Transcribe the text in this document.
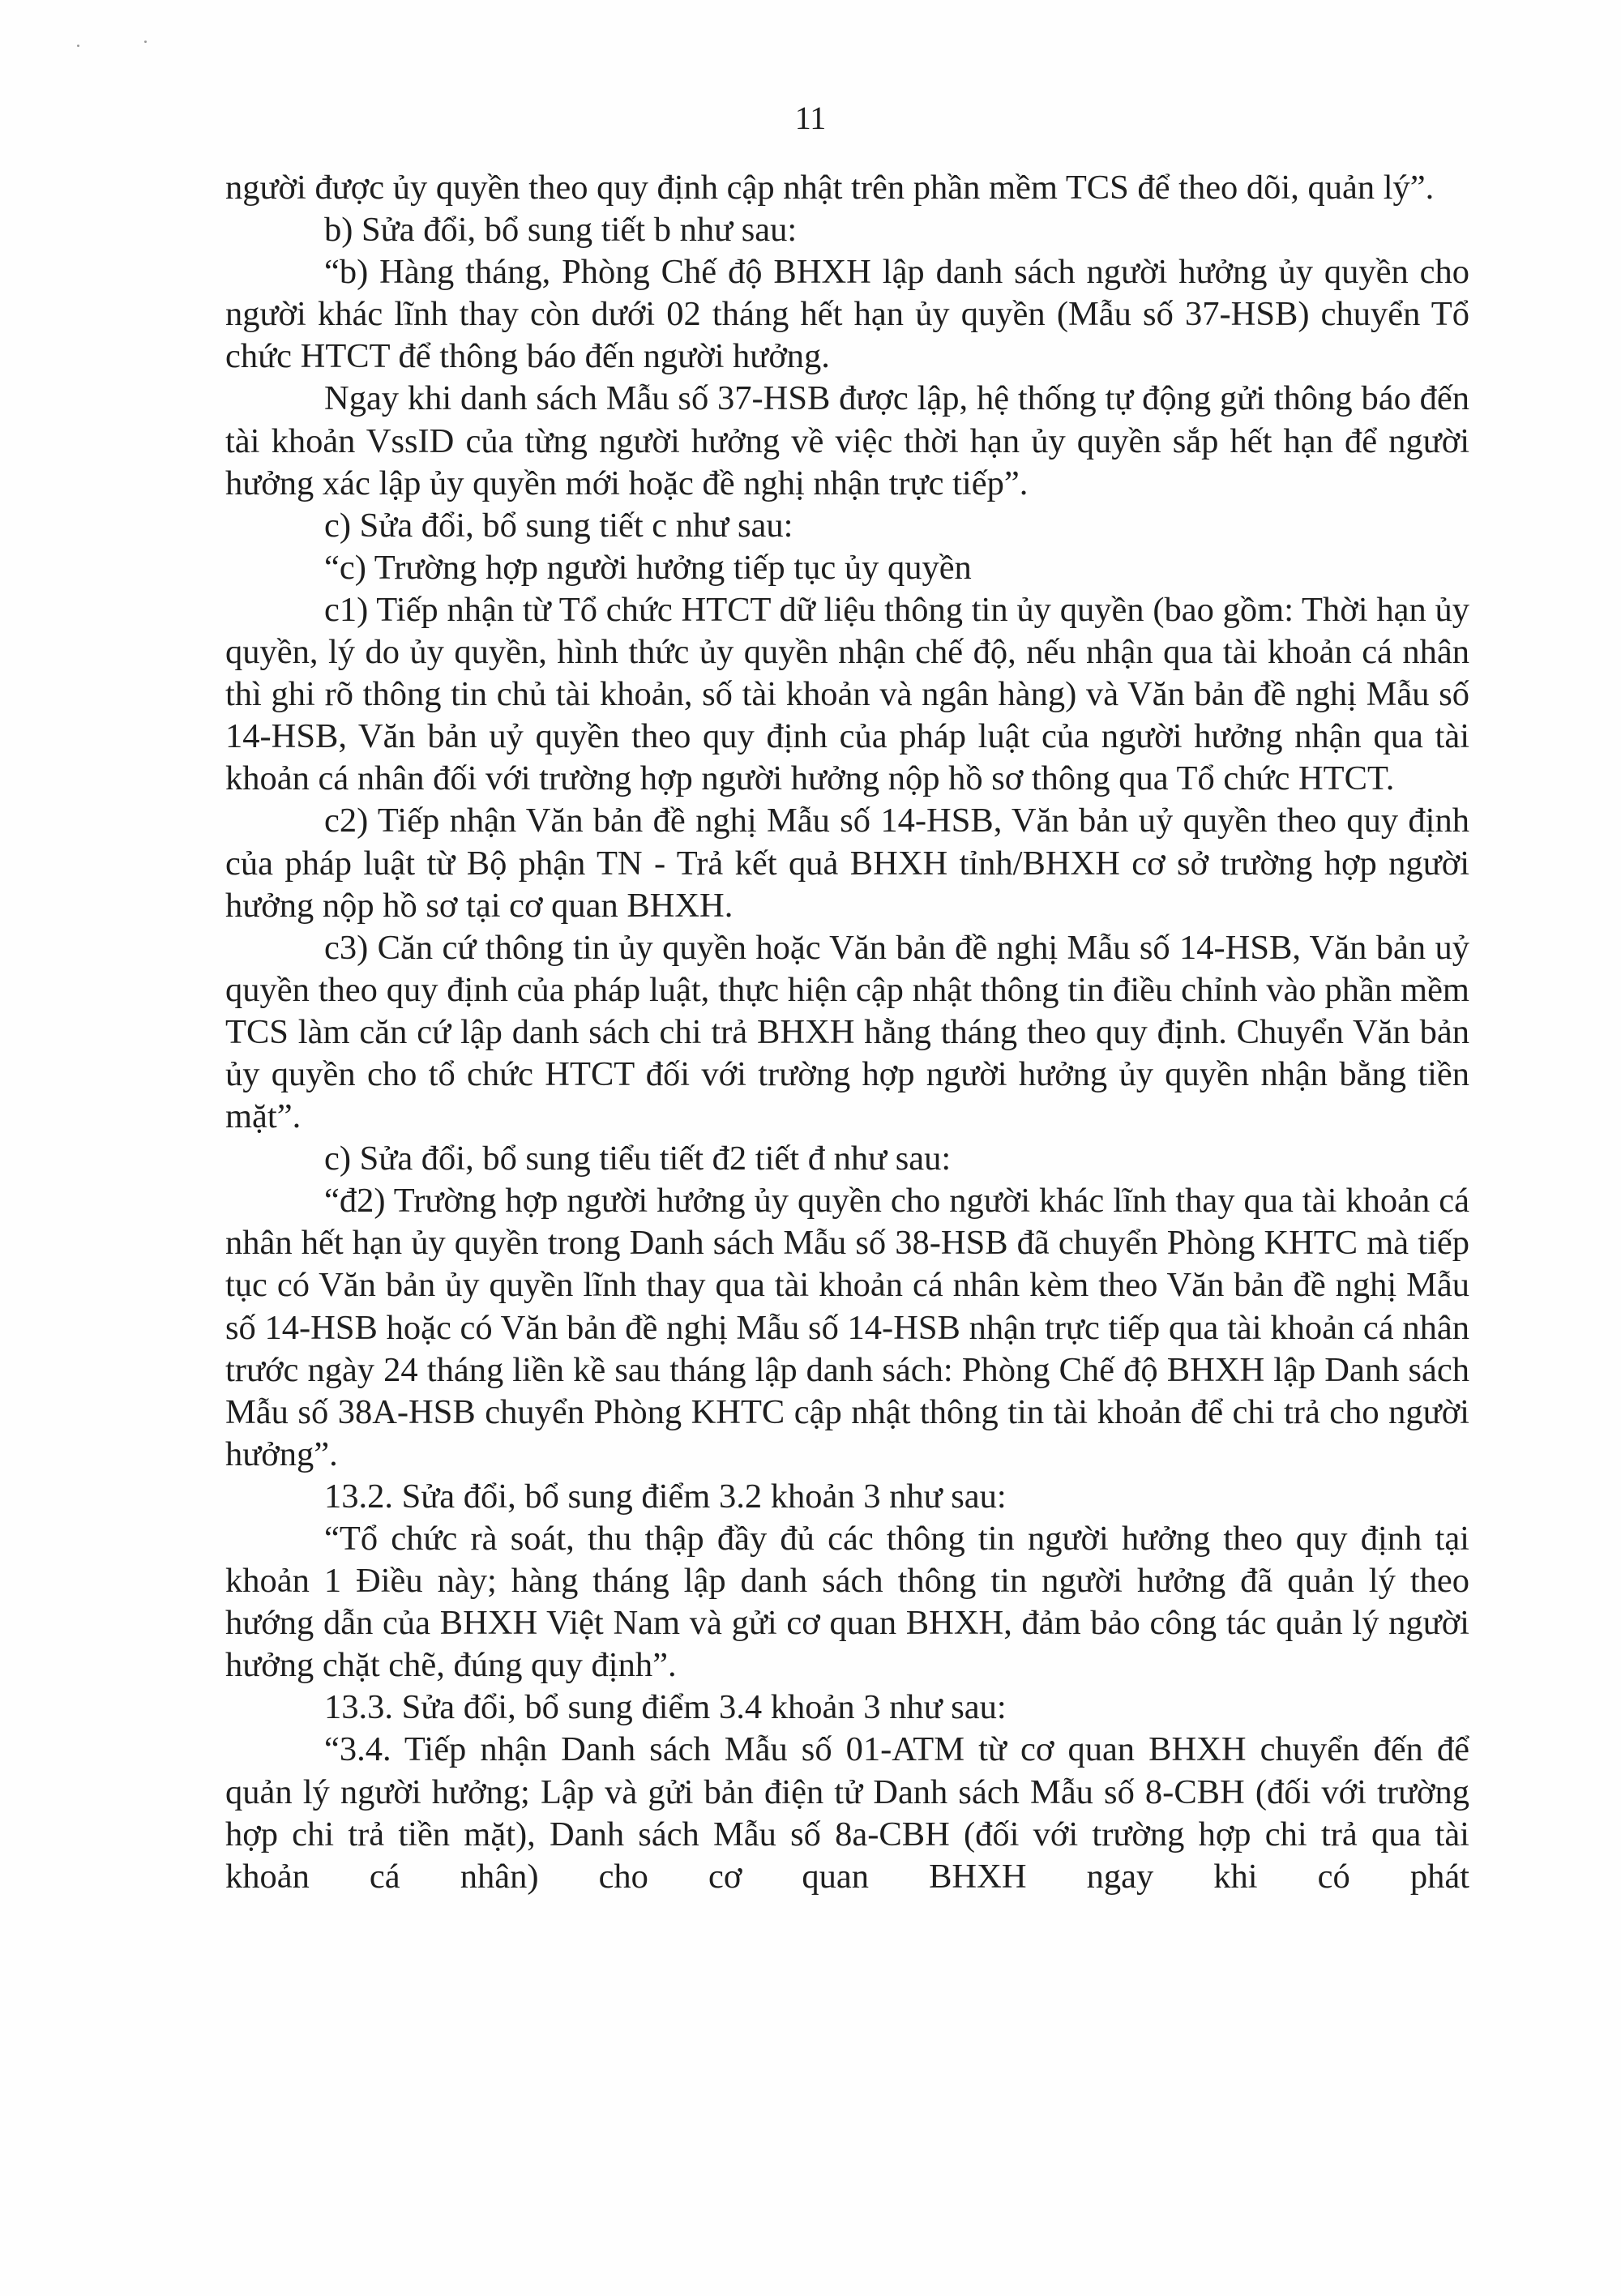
11

người được ủy quyền theo quy định cập nhật trên phần mềm TCS để theo dõi, quản lý”.

b) Sửa đổi, bổ sung tiết b như sau:

“b) Hàng tháng, Phòng Chế độ BHXH lập danh sách người hưởng ủy quyền cho người khác lĩnh thay còn dưới 02 tháng hết hạn ủy quyền (Mẫu số 37-HSB) chuyển Tổ chức HTCT để thông báo đến người hưởng.

Ngay khi danh sách Mẫu số 37-HSB được lập, hệ thống tự động gửi thông báo đến tài khoản VssID của từng người hưởng về việc thời hạn ủy quyền sắp hết hạn để người hưởng xác lập ủy quyền mới hoặc đề nghị nhận trực tiếp”.

c) Sửa đổi, bổ sung tiết c như sau:

“c) Trường hợp người hưởng tiếp tục ủy quyền

c1) Tiếp nhận từ Tổ chức HTCT dữ liệu thông tin ủy quyền (bao gồm: Thời hạn ủy quyền, lý do ủy quyền, hình thức ủy quyền nhận chế độ, nếu nhận qua tài khoản cá nhân thì ghi rõ thông tin chủ tài khoản, số tài khoản và ngân hàng) và Văn bản đề nghị Mẫu số 14-HSB, Văn bản uỷ quyền theo quy định của pháp luật của người hưởng nhận qua tài khoản cá nhân đối với trường hợp người hưởng nộp hồ sơ thông qua Tổ chức HTCT.

c2) Tiếp nhận Văn bản đề nghị Mẫu số 14-HSB, Văn bản uỷ quyền theo quy định của pháp luật từ Bộ phận TN - Trả kết quả BHXH tỉnh/BHXH cơ sở trường hợp người hưởng nộp hồ sơ tại cơ quan BHXH.

c3) Căn cứ thông tin ủy quyền hoặc Văn bản đề nghị Mẫu số 14-HSB, Văn bản uỷ quyền theo quy định của pháp luật, thực hiện cập nhật thông tin điều chỉnh vào phần mềm TCS làm căn cứ lập danh sách chi trả BHXH hằng tháng theo quy định. Chuyển Văn bản ủy quyền cho tổ chức HTCT đối với trường hợp người hưởng ủy quyền nhận bằng tiền mặt”.

c) Sửa đổi, bổ sung tiểu tiết đ2 tiết đ như sau:

“đ2) Trường hợp người hưởng ủy quyền cho người khác lĩnh thay qua tài khoản cá nhân hết hạn ủy quyền trong Danh sách Mẫu số 38-HSB đã chuyển Phòng KHTC mà tiếp tục có Văn bản ủy quyền lĩnh thay qua tài khoản cá nhân kèm theo Văn bản đề nghị Mẫu số 14-HSB hoặc có Văn bản đề nghị Mẫu số 14-HSB nhận trực tiếp qua tài khoản cá nhân trước ngày 24 tháng liền kề sau tháng lập danh sách: Phòng Chế độ BHXH lập Danh sách Mẫu số 38A-HSB chuyển Phòng KHTC cập nhật thông tin tài khoản để chi trả cho người hưởng”.

13.2. Sửa đổi, bổ sung điểm 3.2 khoản 3 như sau:

“Tổ chức rà soát, thu thập đầy đủ các thông tin người hưởng theo quy định tại khoản 1 Điều này; hàng tháng lập danh sách thông tin người hưởng đã quản lý theo hướng dẫn của BHXH Việt Nam và gửi cơ quan BHXH, đảm bảo công tác quản lý người hưởng chặt chẽ, đúng quy định”.

13.3. Sửa đổi, bổ sung điểm 3.4 khoản 3 như sau:

“3.4. Tiếp nhận Danh sách Mẫu số 01-ATM từ cơ quan BHXH chuyển đến để quản lý người hưởng; Lập và gửi bản điện tử Danh sách Mẫu số 8-CBH (đối với trường hợp chi trả tiền mặt), Danh sách Mẫu số 8a-CBH (đối với trường hợp chi trả qua tài khoản cá nhân) cho cơ quan BHXH ngay khi có phát
